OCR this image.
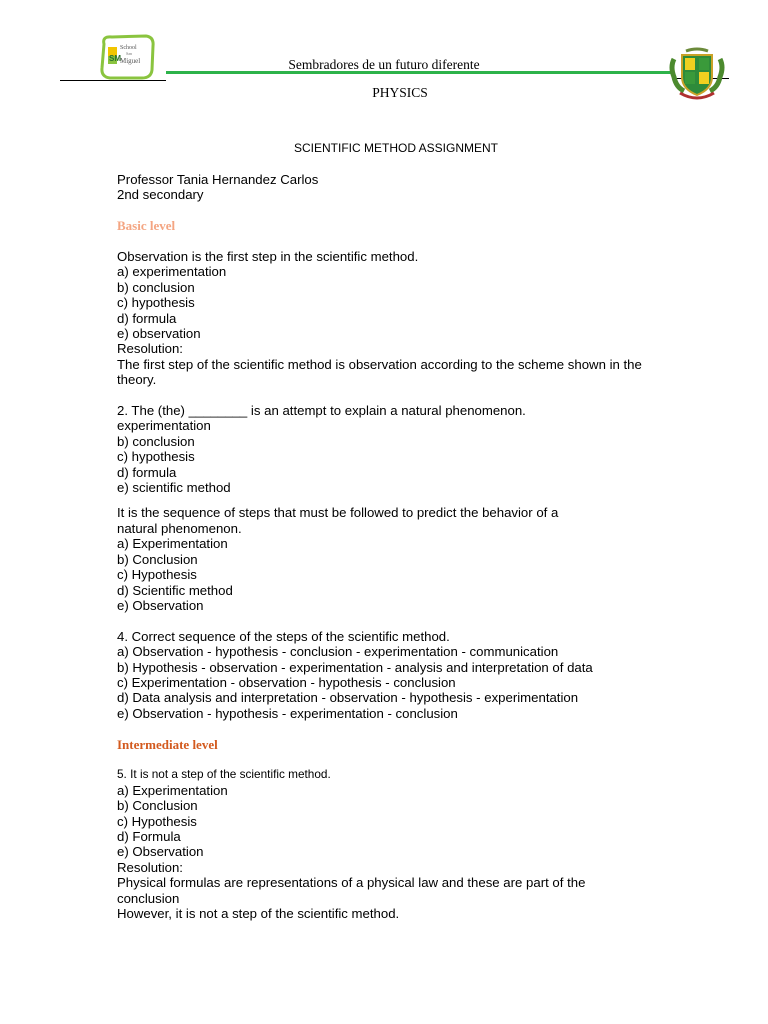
SM
School
San
Miguel	Sembradores de un futuro diferente
PHYSICS
SCIENTIFIC METHOD ASSIGNMENT
Professor Tania Hernandez Carlos
2nd secondary
Basic level
Observation is the first step in the scientific method.
a) experimentation
b) conclusion
c) hypothesis
d) formula
e) observation
Resolution:
The first step of the scientific method is observation according to the scheme shown in the theory.
2. The (the) ________ is an attempt to explain a natural phenomenon.
experimentation
b) conclusion
c) hypothesis
d) formula
e) scientific method
It is the sequence of steps that must be followed to predict the behavior of a natural phenomenon.
a) Experimentation
b) Conclusion
c) Hypothesis
d) Scientific method
e) Observation
4. Correct sequence of the steps of the scientific method.
a) Observation - hypothesis - conclusion - experimentation - communication
b) Hypothesis - observation - experimentation - analysis and interpretation of data
c) Experimentation - observation - hypothesis - conclusion
d) Data analysis and interpretation - observation - hypothesis - experimentation
e) Observation - hypothesis - experimentation - conclusion
Intermediate level
5. It is not a step of the scientific method.
a) Experimentation
b) Conclusion
c) Hypothesis
d) Formula
e) Observation
Resolution:
Physical formulas are representations of a physical law and these are part of the conclusion
However, it is not a step of the scientific method.
